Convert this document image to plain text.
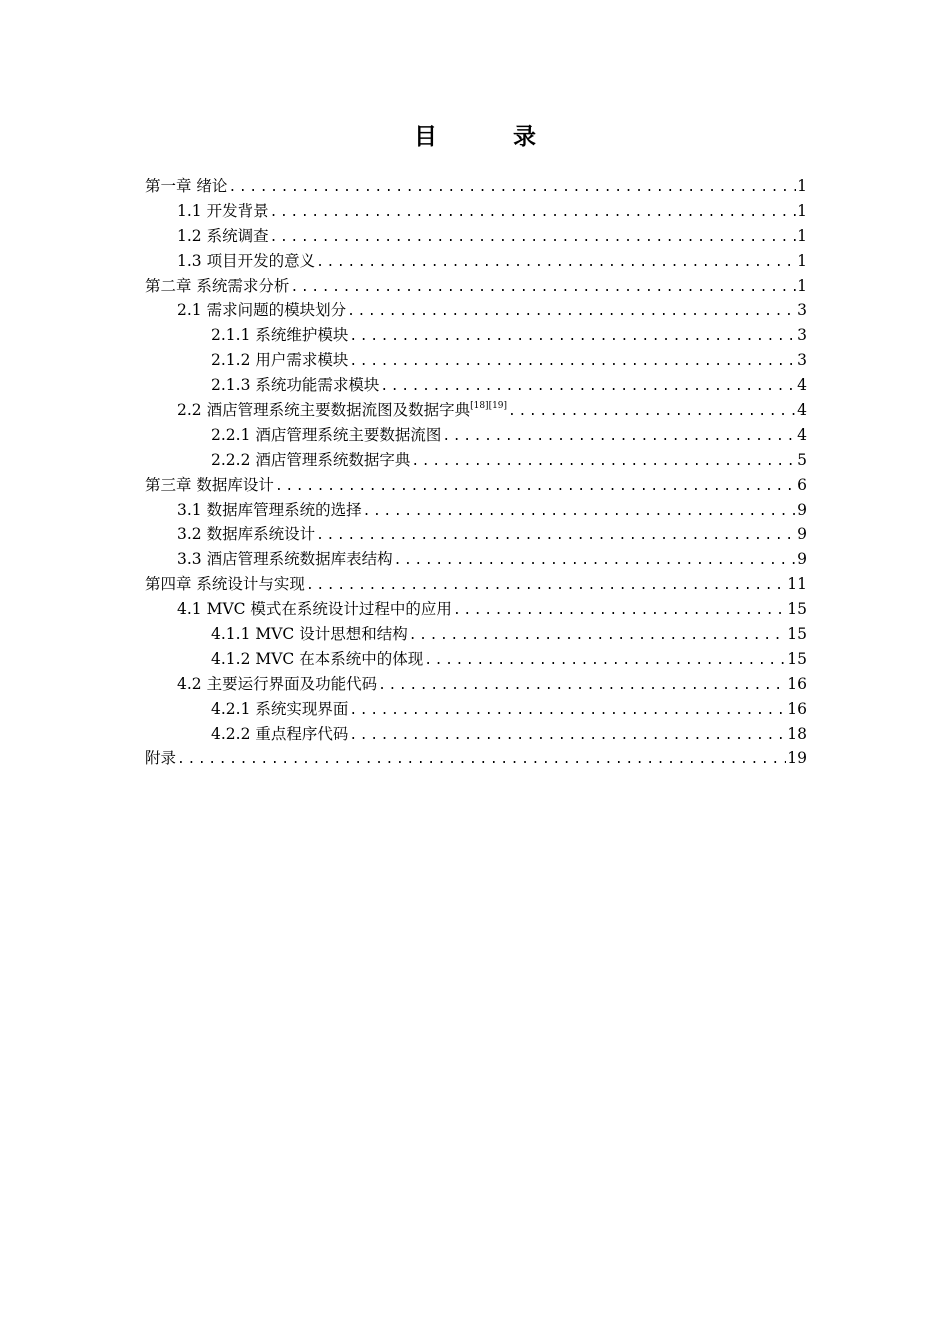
目 录
第一章 绪论 .....	1
1.1 开发背景 .....	1
1.2 系统调查 .....	1
1.3 项目开发的意义 .....	1
第二章 系统需求分析 .....	1
2.1 需求问题的模块划分 .....	3
2.1.1 系统维护模块 .....	3
2.1.2 用户需求模块 .....	3
2.1.3 系统功能需求模块 .....	4
2.2 酒店管理系统主要数据流图及数据字典[18][19] .....	4
2.2.1 酒店管理系统主要数据流图 .....	4
2.2.2 酒店管理系统数据字典 .....	5
第三章 数据库设计 .....	6
3.1 数据库管理系统的选择 .....	9
3.2 数据库系统设计 .....	9
3.3 酒店管理系统数据库表结构 .....	9
第四章 系统设计与实现 .....	11
4.1 MVC 模式在系统设计过程中的应用 .....	15
4.1.1 MVC 设计思想和结构 .....	15
4.1.2 MVC 在本系统中的体现 .....	15
4.2 主要运行界面及功能代码 .....	16
4.2.1 系统实现界面 .....	16
4.2.2 重点程序代码 .....	18
附录 .....	19
